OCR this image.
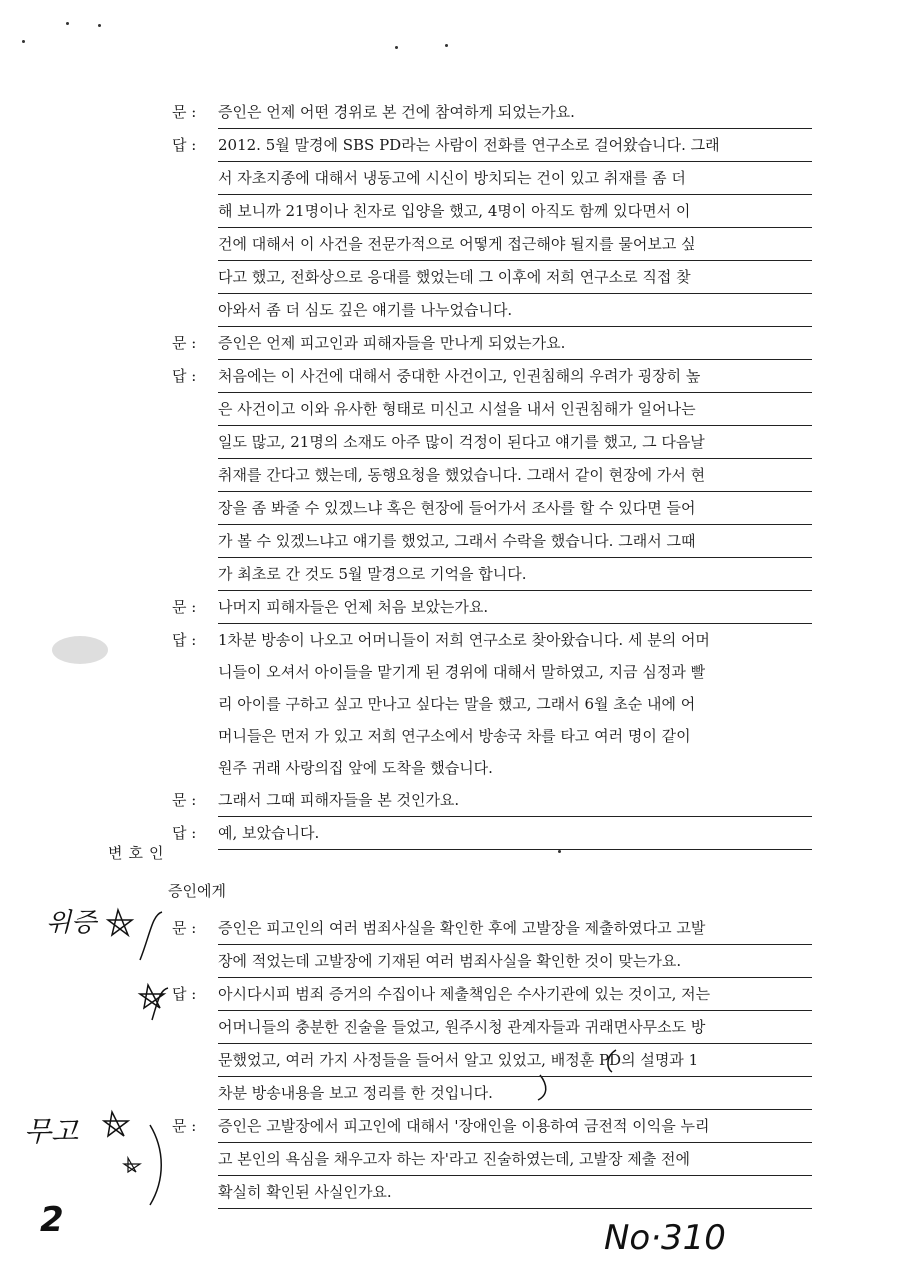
문 :	증인은 언제 어떤 경위로 본 건에 참여하게 되었는가요.
답 :	2012. 5월 말경에 SBS PD라는 사람이 전화를 연구소로 걸어왔습니다. 그래
서 자초지종에 대해서 냉동고에 시신이 방치되는 건이 있고 취재를 좀 더
해 보니까 21명이나 친자로 입양을 했고, 4명이 아직도 함께 있다면서 이
건에 대해서 이 사건을 전문가적으로 어떻게 접근해야 될지를 물어보고 싶
다고 했고, 전화상으로 응대를 했었는데 그 이후에 저희 연구소로 직접 찾
아와서 좀 더 심도 깊은 얘기를 나누었습니다.
문 :	증인은 언제 피고인과 피해자들을 만나게 되었는가요.
답 :	처음에는 이 사건에 대해서 중대한 사건이고, 인권침해의 우려가 굉장히 높
은 사건이고 이와 유사한 형태로 미신고 시설을 내서 인권침해가 일어나는
일도 많고, 21명의 소재도 아주 많이 걱정이 된다고 얘기를 했고, 그 다음날
취재를 간다고 했는데, 동행요청을 했었습니다. 그래서 같이 현장에 가서 현
장을 좀 봐줄 수 있겠느냐 혹은 현장에 들어가서 조사를 할 수 있다면 들어
가 볼 수 있겠느냐고 얘기를 했었고, 그래서 수락을 했습니다. 그래서 그때
가 최초로 간 것도 5월 말경으로 기억을 합니다.
문 :	나머지 피해자들은 언제 처음 보았는가요.
답 :	1차분 방송이 나오고 어머니들이 저희 연구소로 찾아왔습니다. 세 분의 어머
니들이 오셔서 아이들을 맡기게 된 경위에 대해서 말하였고, 지금 심정과 빨
리 아이를 구하고 싶고 만나고 싶다는 말을 했고, 그래서 6월 초순 내에 어
머니들은 먼저 가 있고 저희 연구소에서 방송국 차를 타고 여러 명이 같이
원주 귀래 사랑의집 앞에 도착을 했습니다.
문 :	그래서 그때 피해자들을 본 것인가요.
답 :	예, 보았습니다.
변호인
증인에게
문 :	증인은 피고인의 여러 범죄사실을 확인한 후에 고발장을 제출하였다고 고발
장에 적었는데 고발장에 기재된 여러 범죄사실을 확인한 것이 맞는가요.
답 :	아시다시피 범죄 증거의 수집이나 제출책임은 수사기관에 있는 것이고, 저는
어머니들의 충분한 진술을 들었고, 원주시청 관계자들과 귀래면사무소도 방
문했었고, 여러 가지 사정들을 들어서 알고 있었고, 배정훈 PD의 설명과 1
차분 방송내용을 보고 정리를 한 것입니다.
문 :	증인은 고발장에서 피고인에 대해서 '장애인을 이용하여 금전적 이익을 누리
고 본인의 욕심을 채우고자 하는 자'라고 진술하였는데, 고발장 제출 전에
확실히 확인된 사실인가요.
위증
무고
2	No·310
